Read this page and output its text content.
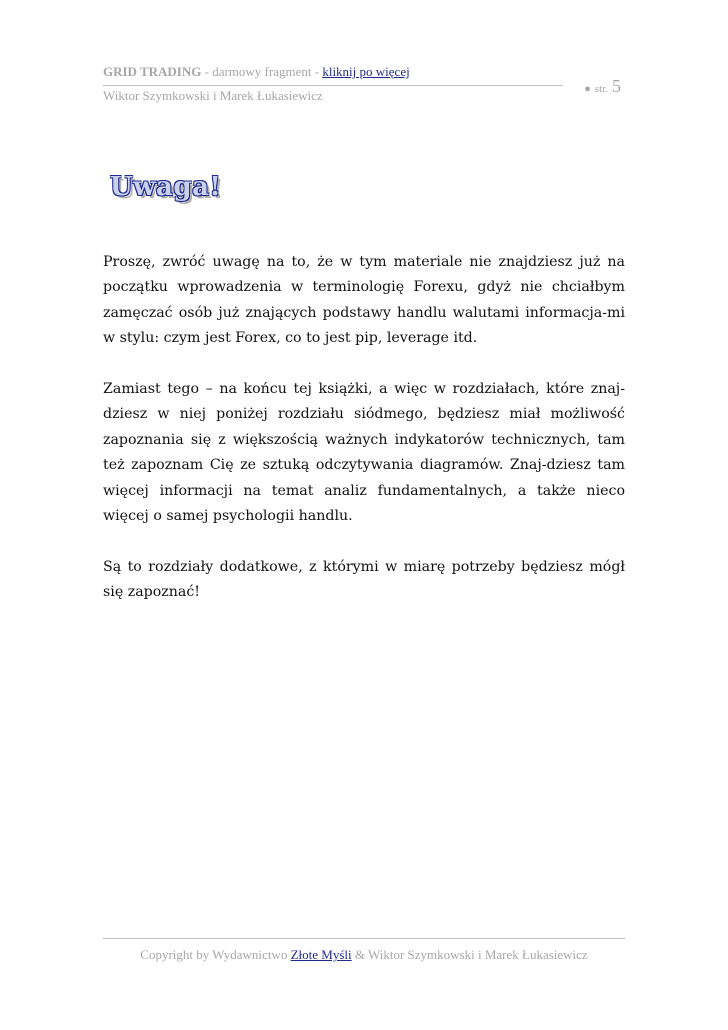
GRID TRADING - darmowy fragment - kliknij po więcej
Wiktor Szymkowski i Marek Łukasiewicz	● str. 5
Uwaga!

Proszę, zwróć uwagę na to, że w tym materiale nie znajdziesz już na początku wprowadzenia w terminologię Forexu, gdyż nie chciałbym zamęczać osób już znających podstawy handlu walutami informacja-mi w stylu: czym jest Forex, co to jest pip, leverage itd.

Zamiast tego – na końcu tej książki, a więc w rozdziałach, które znaj-dziesz w niej poniżej rozdziału siódmego, będziesz miał możliwość zapoznania się z większością ważnych indykatorów technicznych, tam też zapoznam Cię ze sztuką odczytywania diagramów. Znaj-dziesz tam więcej informacji na temat analiz fundamentalnych, a także nieco więcej o samej psychologii handlu.

Są to rozdziały dodatkowe, z którymi w miarę potrzeby będziesz mógł się zapoznać!

Copyright by Wydawnictwo Złote Myśli & Wiktor Szymkowski i Marek Łukasiewicz
